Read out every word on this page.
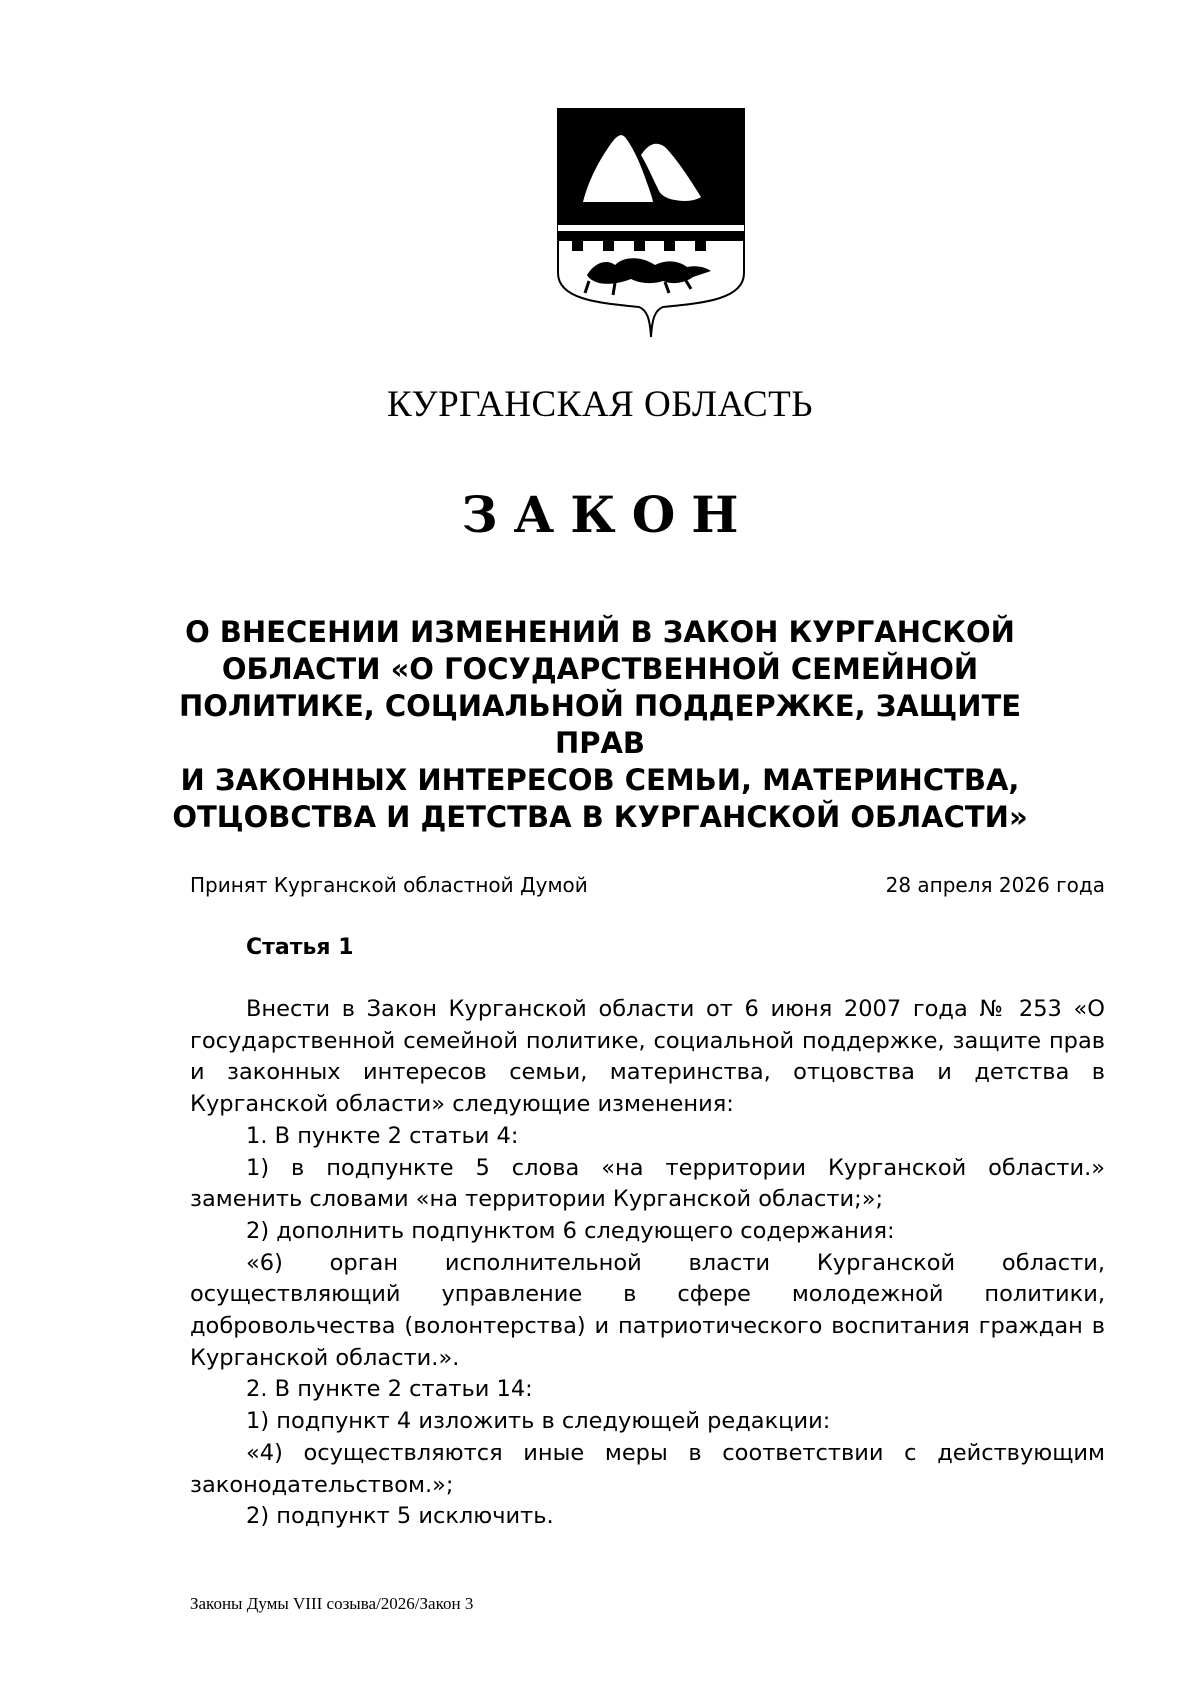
КУРГАНСКАЯ ОБЛАСТЬ
ЗАКОН
О ВНЕСЕНИИ ИЗМЕНЕНИЙ В ЗАКОН КУРГАНСКОЙ
ОБЛАСТИ «О ГОСУДАРСТВЕННОЙ СЕМЕЙНОЙ
ПОЛИТИКЕ, СОЦИАЛЬНОЙ ПОДДЕРЖКЕ, ЗАЩИТЕ ПРАВ
И ЗАКОННЫХ ИНТЕРЕСОВ СЕМЬИ, МАТЕРИНСТВА,
ОТЦОВСТВА И ДЕТСТВА В КУРГАНСКОЙ ОБЛАСТИ»
Принят Курганской областной Думой	28 апреля 2026 года
Статья 1

Внести в Закон Курганской области от 6 июня 2007 года № 253 «О государственной семейной политике, социальной поддержке, защите прав и законных интересов семьи, материнства, отцовства и детства в Курганской области» следующие изменения:

1. В пункте 2 статьи 4:

1) в подпункте 5 слова «на территории Курганской области.» заменить словами «на территории Курганской области;»;

2) дополнить подпунктом 6 следующего содержания:

«6) орган исполнительной власти Курганской области, осуществляющий управление в сфере молодежной политики, добровольчества (волонтерства) и патриотического воспитания граждан в Курганской области.».

2. В пункте 2 статьи 14:

1) подпункт 4 изложить в следующей редакции:

«4) осуществляются иные меры в соответствии с действующим законодательством.»;

2) подпункт 5 исключить.

Законы Думы VIII созыва/2026/Закон 3
